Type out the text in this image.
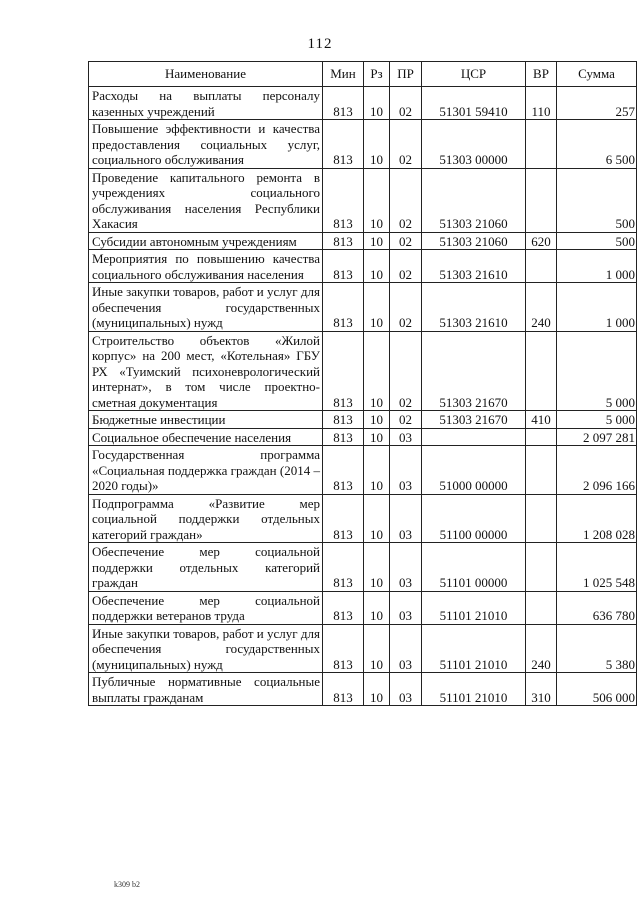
112
Наименование	Мин	Рз	ПР	ЦСР	ВР	Сумма
Расходы на выплаты персоналу казенных учреждений	813	10	02	51301 59410	110	257
Повышение эффективности и качества предоставления социальных услуг, социального обслуживания	813	10	02	51303 00000		6 500
Проведение капитального ремонта в учреждениях социального обслуживания населения Республики Хакасия	813	10	02	51303 21060		500
Субсидии автономным учреждениям	813	10	02	51303 21060	620	500
Мероприятия по повышению качества социального обслуживания населения	813	10	02	51303 21610		1 000
Иные закупки товаров, работ и услуг для обеспечения государственных (муниципальных) нужд	813	10	02	51303 21610	240	1 000
Строительство объектов «Жилой корпус» на 200 мест, «Котельная» ГБУ РХ «Туимский психоневрологический интернат», в том числе проектно-сметная документация	813	10	02	51303 21670		5 000
Бюджетные инвестиции	813	10	02	51303 21670	410	5 000
Социальное обеспечение населения	813	10	03			2 097 281
Государственная программа «Социальная поддержка граждан (2014 – 2020 годы)»	813	10	03	51000 00000		2 096 166
Подпрограмма «Развитие мер социальной поддержки отдельных категорий граждан»	813	10	03	51100 00000		1 208 028
Обеспечение мер социальной поддержки отдельных категорий граждан	813	10	03	51101 00000		1 025 548
Обеспечение мер социальной поддержки ветеранов труда	813	10	03	51101 21010		636 780
Иные закупки товаров, работ и услуг для обеспечения государственных (муниципальных) нужд	813	10	03	51101 21010	240	5 380
Публичные нормативные социальные выплаты гражданам	813	10	03	51101 21010	310	506 000
k309 b2
